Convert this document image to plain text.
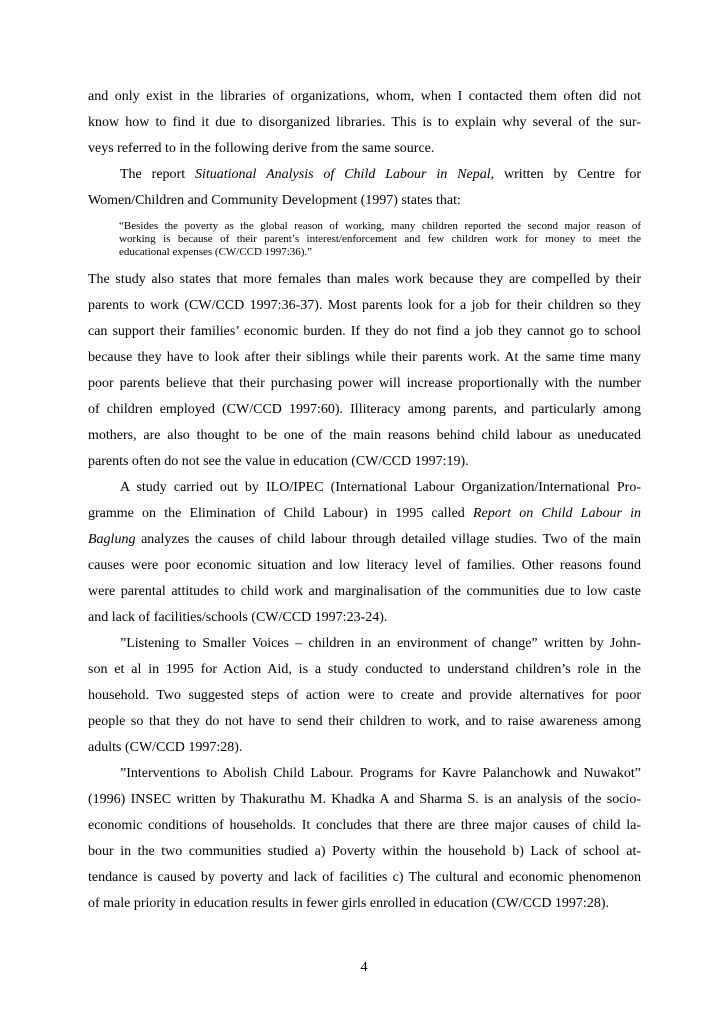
and only exist in the libraries of organizations, whom, when I contacted them often did not
know how to find it due to disorganized libraries. This is to explain why several of the sur-
veys referred to in the following derive from the same source.
The report Situational Analysis of Child Labour in Nepal, written by Centre for
Women/Children and Community Development (1997) states that:
“Besides the poverty as the global reason of working, many children reported the second major reason of
working is because of their parent’s interest/enforcement and few children work for money to meet the
educational expenses (CW/CCD 1997:36).”
The study also states that more females than males work because they are compelled by their
parents to work (CW/CCD 1997:36-37). Most parents look for a job for their children so they
can support their families’ economic burden. If they do not find a job they cannot go to school
because they have to look after their siblings while their parents work. At the same time many
poor parents believe that their purchasing power will increase proportionally with the number
of children employed (CW/CCD 1997:60). Illiteracy among parents, and particularly among
mothers, are also thought to be one of the main reasons behind child labour as uneducated
parents often do not see the value in education (CW/CCD 1997:19).
A study carried out by ILO/IPEC (International Labour Organization/International Pro-
gramme on the Elimination of Child Labour) in 1995 called Report on Child Labour in
Baglung analyzes the causes of child labour through detailed village studies. Two of the main
causes were poor economic situation and low literacy level of families. Other reasons found
were parental attitudes to child work and marginalisation of the communities due to low caste
and lack of facilities/schools (CW/CCD 1997:23-24).
”Listening to Smaller Voices – children in an environment of change” written by John-
son et al in 1995 for Action Aid, is a study conducted to understand children’s role in the
household. Two suggested steps of action were to create and provide alternatives for poor
people so that they do not have to send their children to work, and to raise awareness among
adults (CW/CCD 1997:28).
”Interventions to Abolish Child Labour. Programs for Kavre Palanchowk and Nuwakot”
(1996) INSEC written by Thakurathu M. Khadka A and Sharma S. is an analysis of the socio-
economic conditions of households. It concludes that there are three major causes of child la-
bour in the two communities studied a) Poverty within the household b) Lack of school at-
tendance is caused by poverty and lack of facilities c) The cultural and economic phenomenon
of male priority in education results in fewer girls enrolled in education (CW/CCD 1997:28).
4
